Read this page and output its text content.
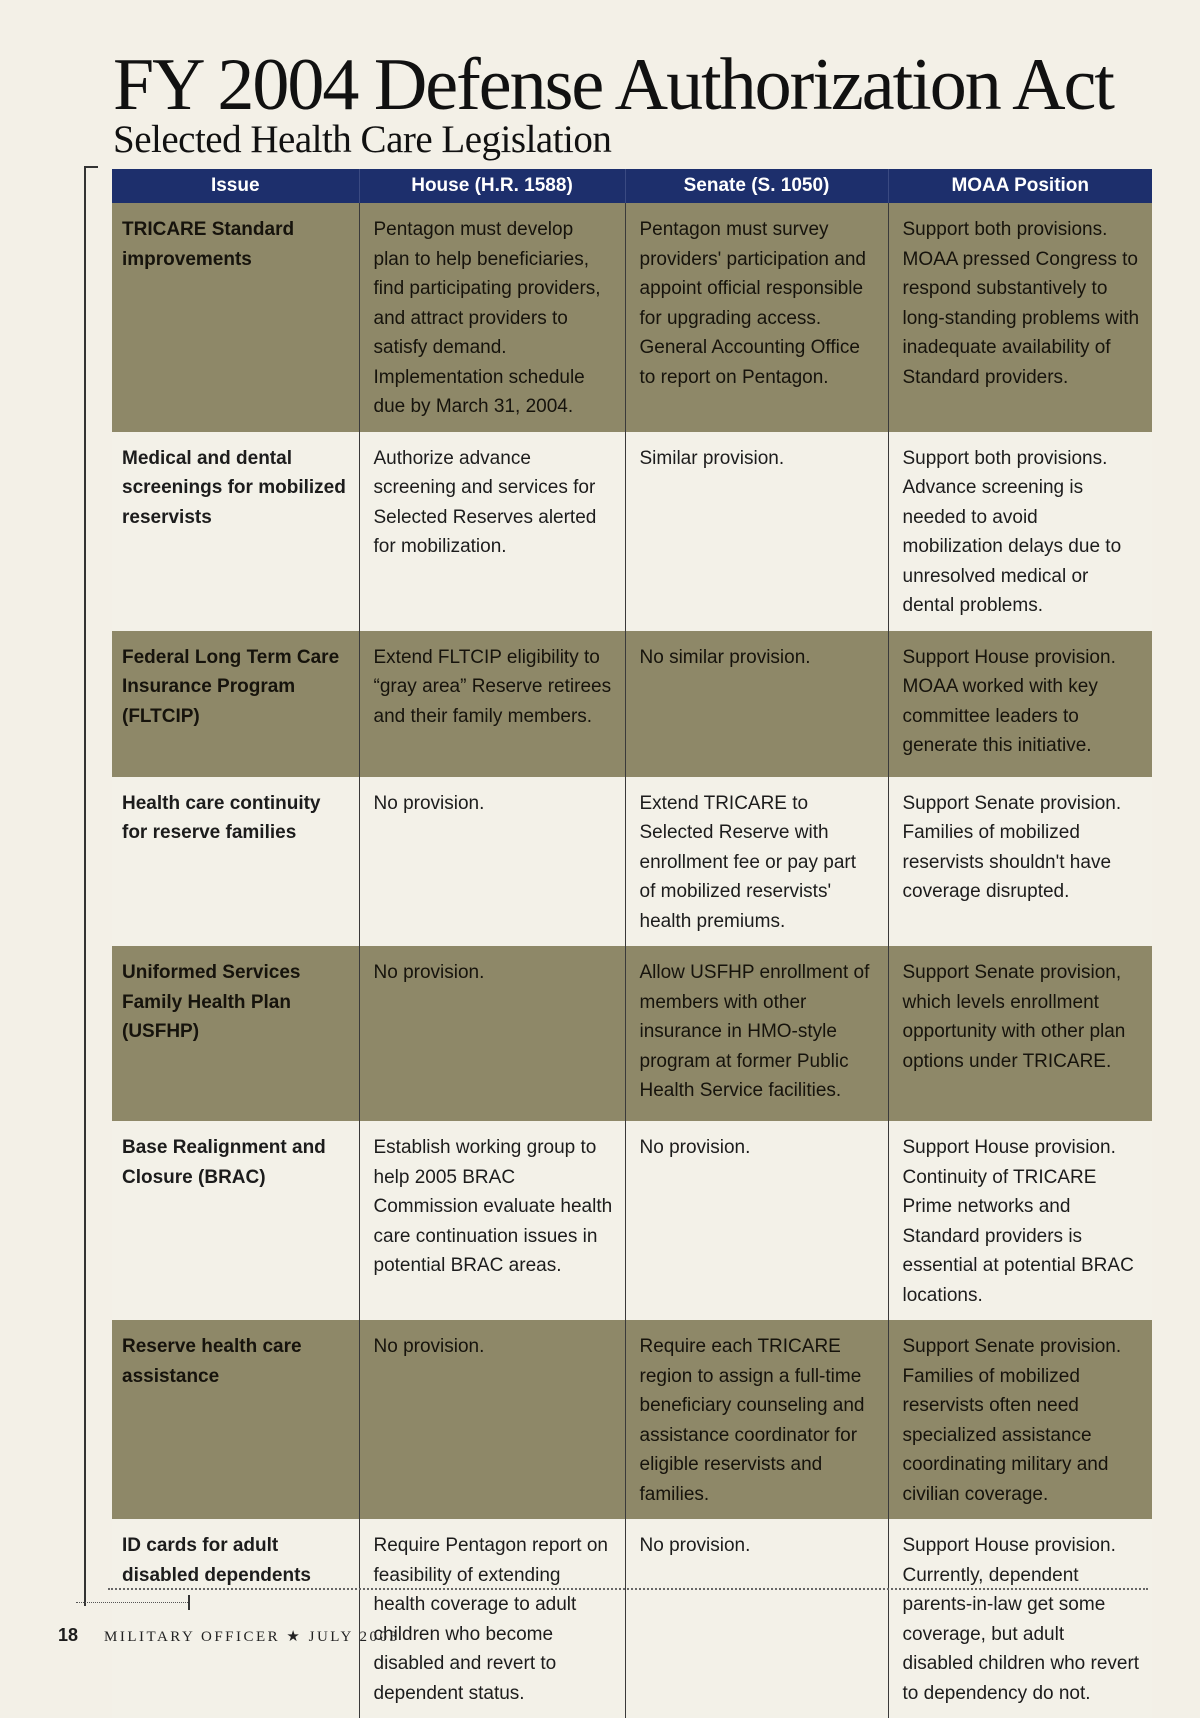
FY 2004 Defense Authorization Act
Selected Health Care Legislation
Issue	House (H.R. 1588)	Senate (S. 1050)	MOAA Position
TRICARE Standard improvements	Pentagon must develop plan to help beneficiaries, find participating providers, and attract providers to satisfy demand. Implementation schedule due by March 31, 2004.	Pentagon must survey providers' participation and appoint official responsible for upgrading access. General Accounting Office to report on Pentagon.	Support both provisions. MOAA pressed Congress to respond substantively to long-standing problems with inadequate availability of Standard providers.
Medical and dental screenings for mobilized reservists	Authorize advance screening and services for Selected Reserves alerted for mobilization.	Similar provision.	Support both provisions. Advance screening is needed to avoid mobilization delays due to unresolved medical or dental problems.
Federal Long Term Care Insurance Program (FLTCIP)	Extend FLTCIP eligibility to “gray area” Reserve retirees and their family members.	No similar provision.	Support House provision. MOAA worked with key committee leaders to generate this initiative.
Health care continuity for reserve families	No provision.	Extend TRICARE to Selected Reserve with enrollment fee or pay part of mobilized reservists' health premiums.	Support Senate provision. Families of mobilized reservists shouldn't have coverage disrupted.
Uniformed Services Family Health Plan (USFHP)	No provision.	Allow USFHP enrollment of members with other insurance in HMO-style program at former Public Health Service facilities.	Support Senate provision, which levels enrollment opportunity with other plan options under TRICARE.
Base Realignment and Closure (BRAC)	Establish working group to help 2005 BRAC Commission evaluate health care continuation issues in potential BRAC areas.	No provision.	Support House provision. Continuity of TRICARE Prime networks and Standard providers is essential at potential BRAC locations.
Reserve health care assistance	No provision.	Require each TRICARE region to assign a full-time beneficiary counseling and assistance coordinator for eligible reservists and families.	Support Senate provision. Families of mobilized reservists often need specialized assistance coordinating military and civilian coverage.
ID cards for adult disabled dependents	Require Pentagon report on feasibility of extending health coverage to adult children who become disabled and revert to dependent status.	No provision.	Support House provision. Currently, dependent parents-in-law get some coverage, but adult disabled children who revert to dependency do not.
18 MILITARY OFFICER ★ JULY 2003
